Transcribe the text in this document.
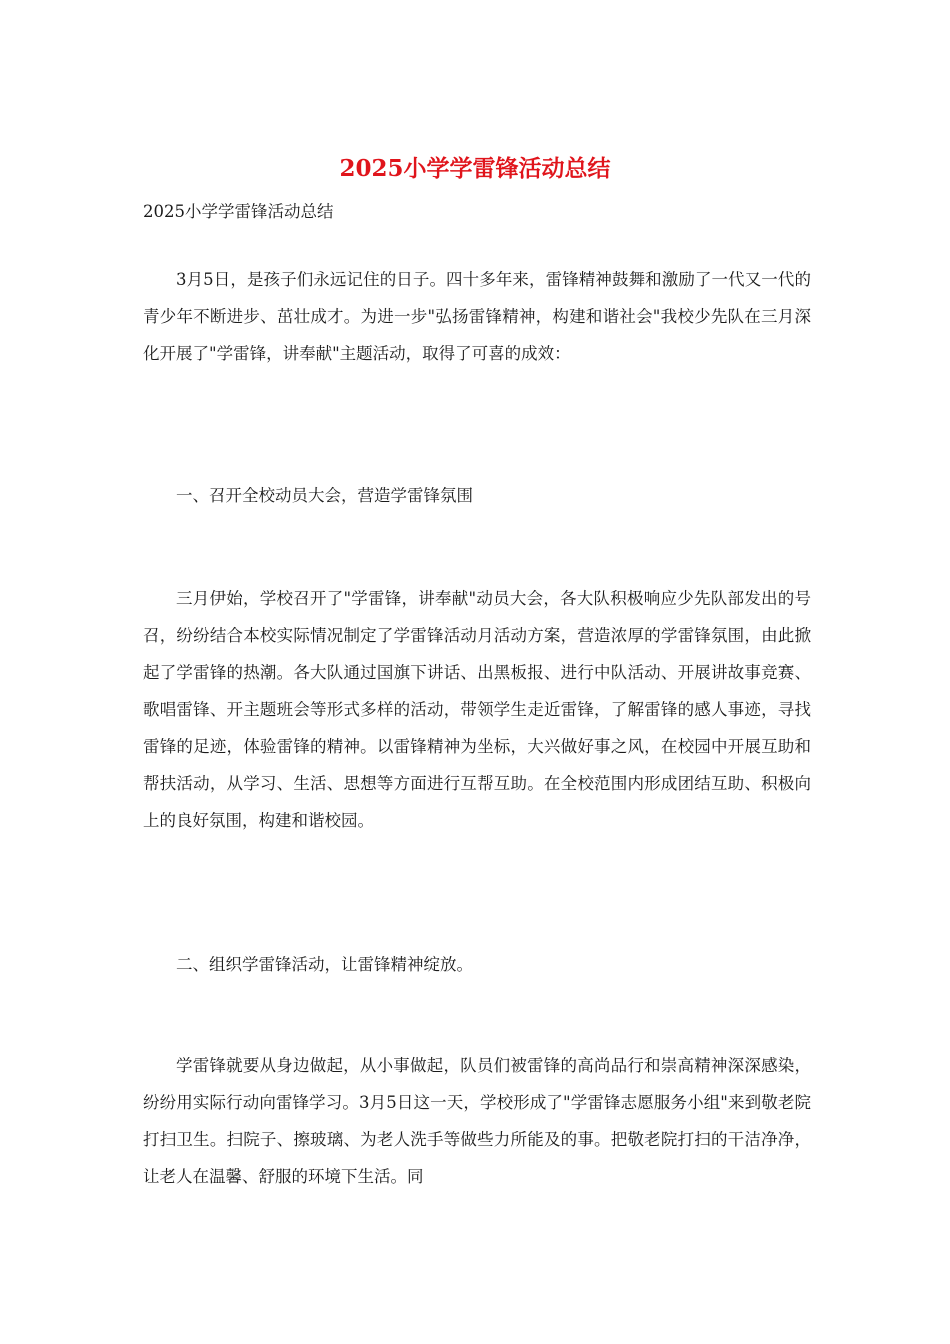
2025小学学雷锋活动总结

2025小学学雷锋活动总结

3月5日，是孩子们永远记住的日子。四十多年来，雷锋精神鼓舞和激励了一代又一代的青少年不断进步、茁壮成才。为进一步"弘扬雷锋精神，构建和谐社会"我校少先队在三月深化开展了"学雷锋，讲奉献"主题活动，取得了可喜的成效：

一、召开全校动员大会，营造学雷锋氛围

三月伊始，学校召开了"学雷锋，讲奉献"动员大会，各大队积极响应少先队部发出的号召，纷纷结合本校实际情况制定了学雷锋活动月活动方案，营造浓厚的学雷锋氛围，由此掀起了学雷锋的热潮。各大队通过国旗下讲话、出黑板报、进行中队活动、开展讲故事竞赛、歌唱雷锋、开主题班会等形式多样的活动，带领学生走近雷锋，了解雷锋的感人事迹，寻找雷锋的足迹，体验雷锋的精神。以雷锋精神为坐标，大兴做好事之风，在校园中开展互助和帮扶活动，从学习、生活、思想等方面进行互帮互助。在全校范围内形成团结互助、积极向上的良好氛围，构建和谐校园。

二、组织学雷锋活动，让雷锋精神绽放。

学雷锋就要从身边做起，从小事做起，队员们被雷锋的高尚品行和崇高精神深深感染，纷纷用实际行动向雷锋学习。3月5日这一天，学校形成了"学雷锋志愿服务小组"来到敬老院打扫卫生。扫院子、擦玻璃、为老人洗手等做些力所能及的事。把敬老院打扫的干洁净净，让老人在温馨、舒服的环境下生活。同
